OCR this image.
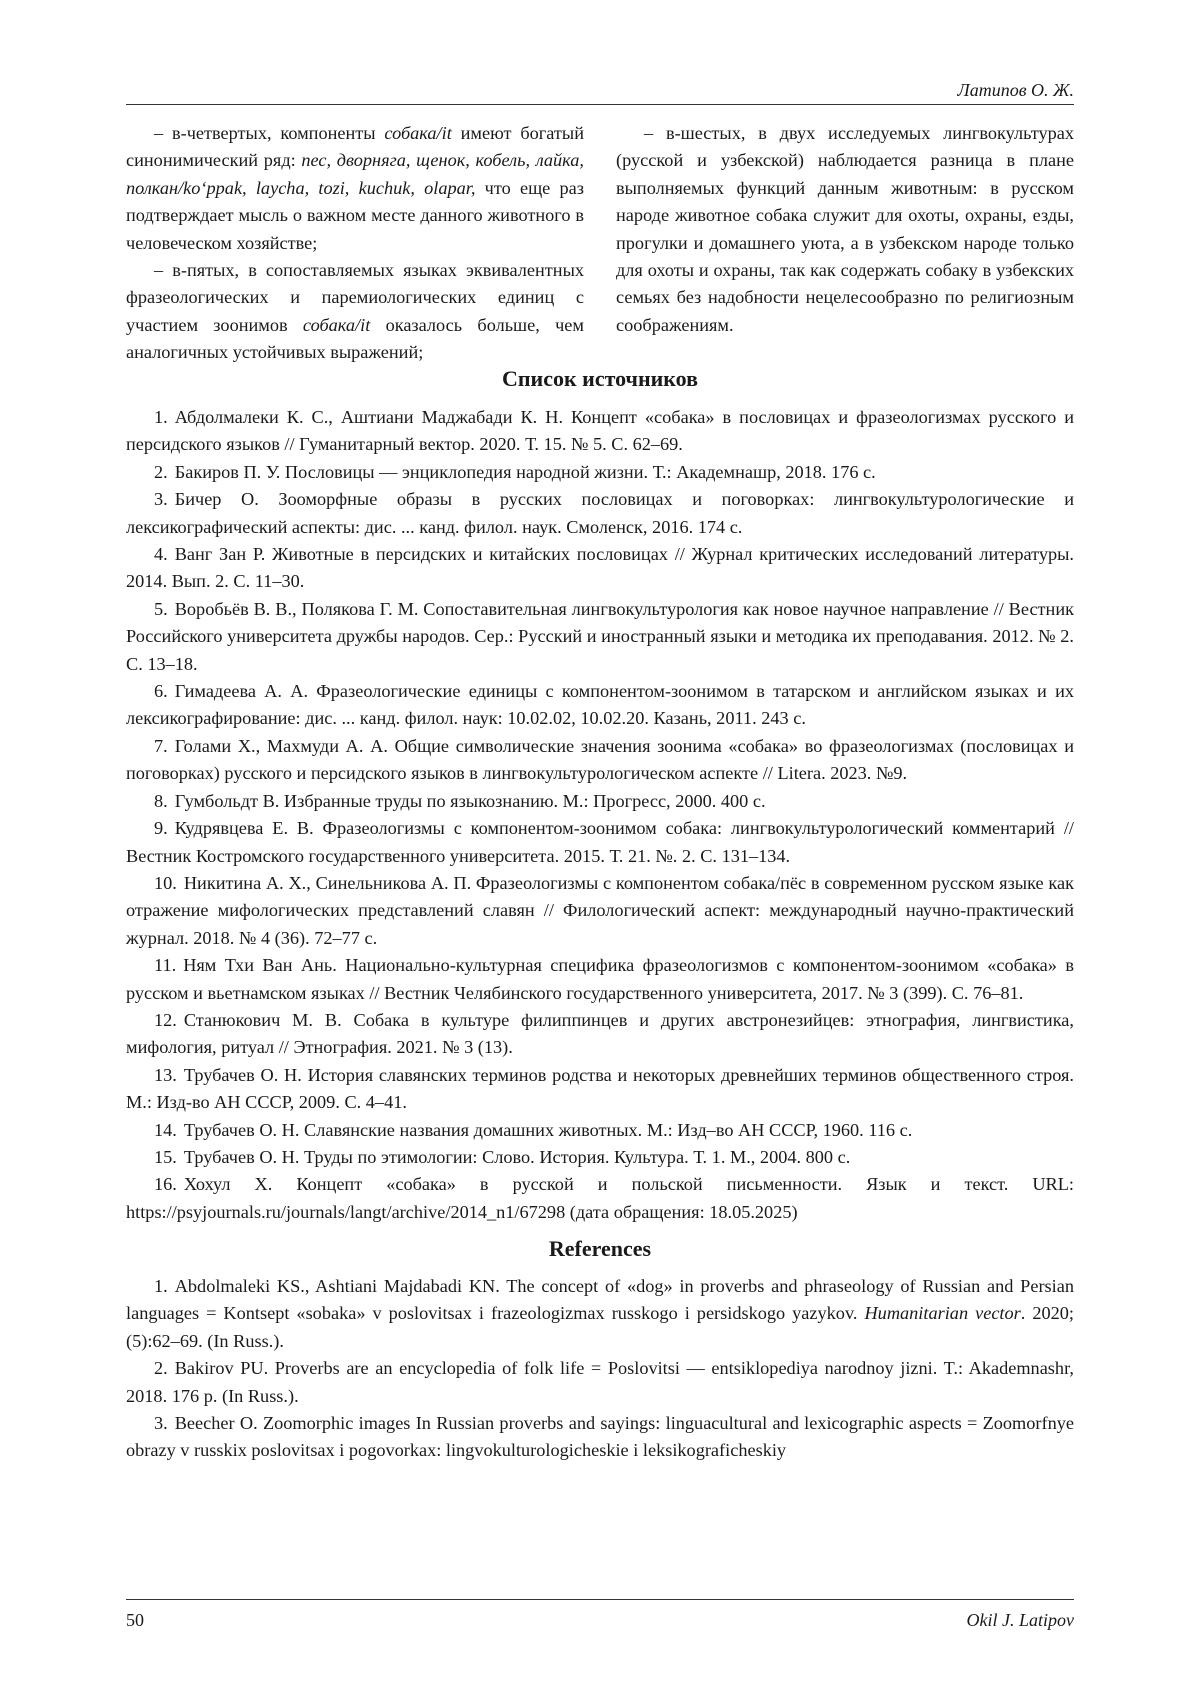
Латипов О. Ж.

– в-четвертых, компоненты собака/it имеют богатый синонимический ряд: пес, дворняга, щенок, кобель, лайка, полкан/ko‘ppak, laycha, tozi, kuchuk, olapar, что еще раз подтверждает мысль о важном месте данного животного в человеческом хозяйстве;

– в-пятых, в сопоставляемых языках эквивалентных фразеологических и паремиологических единиц с участием зоонимов собака/it оказалось больше, чем аналогичных устойчивых выражений;

– в-шестых, в двух исследуемых лингвокультурах (русской и узбекской) наблюдается разница в плане выполняемых функций данным животным: в русском народе животное собака служит для охоты, охраны, езды, прогулки и домашнего уюта, а в узбекском народе только для охоты и охраны, так как содержать собаку в узбекских семьях без надобности нецелесообразно по религиозным соображениям.

Список источников
1. Абдолмалеки К. С., Аштиани Маджабади К. Н. Концепт «собака» в пословицах и фразеологизмах русского и персидского языков // Гуманитарный вектор. 2020. Т. 15. № 5. С. 62–69.
2. Бакиров П. У. Пословицы — энциклопедия народной жизни. Т.: Академнашр, 2018. 176 с.
3. Бичер О. Зооморфные образы в русских пословицах и поговорках: лингвокультурологические и лексикографический аспекты: дис. ... канд. филол. наук. Смоленск, 2016. 174 с.
4. Ванг Зан Р. Животные в персидских и китайских пословицах // Журнал критических исследований литературы. 2014. Вып. 2. С. 11–30.
5. Воробьёв В. В., Полякова Г. М. Сопоставительная лингвокультурология как новое научное направление // Вестник Российского университета дружбы народов. Сер.: Русский и иностранный языки и методика их преподавания. 2012. № 2. С. 13–18.
6. Гимадеева А. А. Фразеологические единицы с компонентом-зоонимом в татарском и английском языках и их лексикографирование: дис. ... канд. филол. наук: 10.02.02, 10.02.20. Казань, 2011. 243 с.
7. Голами Х., Махмуди А. А. Общие символические значения зоонима «собака» во фразеологизмах (пословицах и поговорках) русского и персидского языков в лингвокультурологическом аспекте // Litera. 2023. №9.
8. Гумбольдт В. Избранные труды по языкознанию. М.: Прогресс, 2000. 400 с.
9. Кудрявцева Е. В. Фразеологизмы с компонентом-зоонимом собака: лингвокультурологический комментарий // Вестник Костромского государственного университета. 2015. Т. 21. №. 2. С. 131–134.
10. Никитина А. Х., Синельникова А. П. Фразеологизмы с компонентом собака/пёс в современном русском языке как отражение мифологических представлений славян // Филологический аспект: международный научно-практический журнал. 2018. № 4 (36). 72–77 с.
11. Ням Тхи Ван Ань. Национально-культурная специфика фразеологизмов с компонентом-зоонимом «собака» в русском и вьетнамском языках // Вестник Челябинского государственного университета, 2017. № 3 (399). С. 76–81.
12. Станюкович М. В. Собака в культуре филиппинцев и других австронезийцев: этнография, лингвистика, мифология, ритуал // Этнография. 2021. № 3 (13).
13. Трубачев О. Н. История славянских терминов родства и некоторых древнейших терминов общественного строя. М.: Изд-во АН СССР, 2009. С. 4–41.
14. Трубачев О. Н. Славянские названия домашних животных. М.: Изд–во АН СССР, 1960. 116 с.
15. Трубачев О. Н. Труды по этимологии: Слово. История. Культура. Т. 1. М., 2004. 800 с.
16. Хохул Х. Концепт «собака» в русской и польской письменности. Язык и текст. URL: https://psyjournals.ru/journals/langt/archive/2014_n1/67298 (дата обращения: 18.05.2025)
References
1. Abdolmaleki KS., Ashtiani Majdabadi KN. The concept of «dog» in proverbs and phraseology of Russian and Persian languages = Kontsept «sobaka» v poslovitsax i frazeologizmax russkogo i persidskogo yazykov. Humanitarian vector. 2020;(5):62–69. (In Russ.).
2. Bakirov PU. Proverbs are an encyclopedia of folk life = Poslovitsi — entsiklopediya narodnoy jizni. T.: Akademnashr, 2018. 176 p. (In Russ.).
3. Beecher O. Zoomorphic images In Russian proverbs and sayings: linguacultural and lexicographic aspects = Zoomorfnye obrazy v russkix poslovitsax i pogovorkax: lingvokulturologicheskie i leksikograficheskiy
50	Okil J. Latipov
